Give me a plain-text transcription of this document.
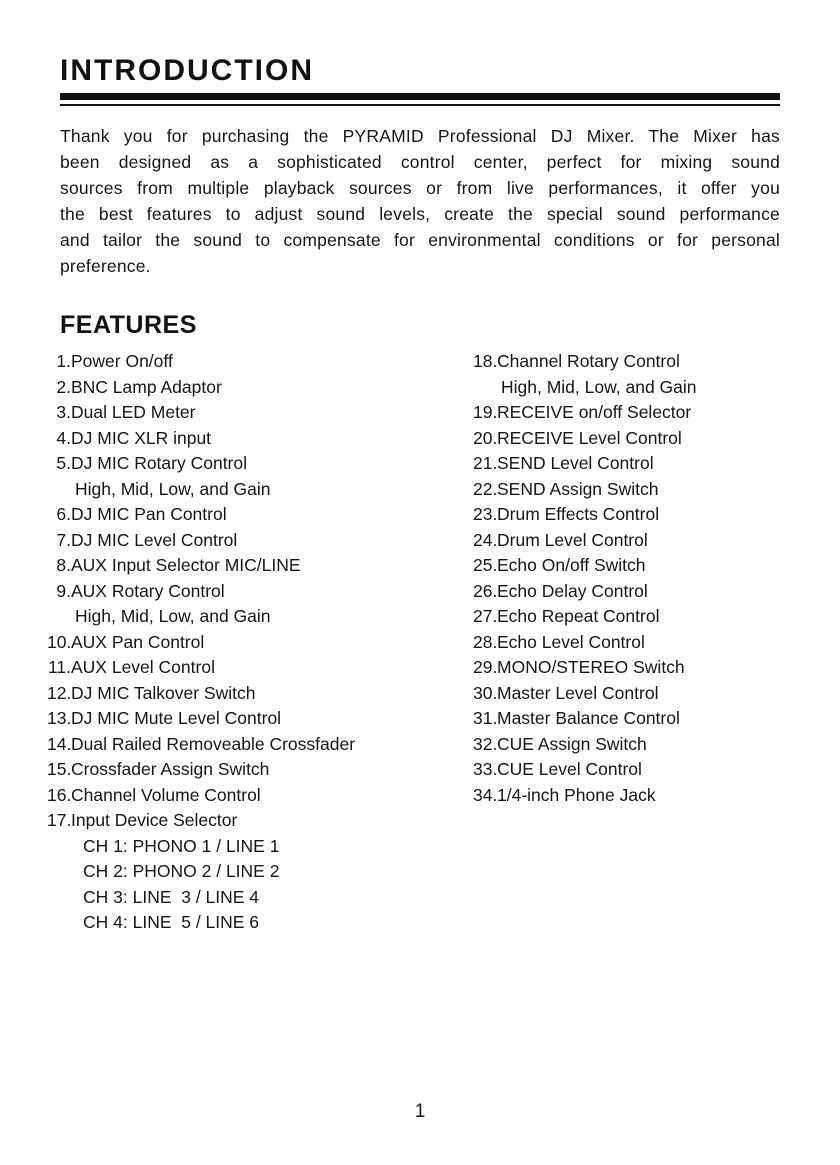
INTRODUCTION
Thank you for purchasing the PYRAMID Professional DJ Mixer. The Mixer has
been designed as a sophisticated control center, perfect for mixing sound
sources from multiple playback sources or from live performances, it offer you
the best features to adjust sound levels, create the special sound performance
and tailor the sound to compensate for environmental conditions or for personal
preference.
FEATURES
1.Power On/off
2.BNC Lamp Adaptor
3.Dual LED Meter
4.DJ MIC XLR input
5.DJ MIC Rotary Control
High, Mid, Low, and Gain
6.DJ MIC Pan Control
7.DJ MIC Level Control
8.AUX Input Selector MIC/LINE
9.AUX Rotary Control
High, Mid, Low, and Gain
10.AUX Pan Control
11.AUX Level Control
12.DJ MIC Talkover Switch
13.DJ MIC Mute Level Control
14.Dual Railed Removeable Crossfader
15.Crossfader Assign Switch
16.Channel Volume Control
17.Input Device Selector
CH 1: PHONO 1 / LINE 1
CH 2: PHONO 2 / LINE 2
CH 3: LINE  3 / LINE 4
CH 4: LINE  5 / LINE 6
18.Channel Rotary Control
High, Mid, Low, and Gain
19.RECEIVE on/off Selector
20.RECEIVE Level Control
21.SEND Level Control
22.SEND Assign Switch
23.Drum Effects Control
24.Drum Level Control
25.Echo On/off Switch
26.Echo Delay Control
27.Echo Repeat Control
28.Echo Level Control
29.MONO/STEREO Switch
30.Master Level Control
31.Master Balance Control
32.CUE Assign Switch
33.CUE Level Control
34.1/4-inch Phone Jack
1
